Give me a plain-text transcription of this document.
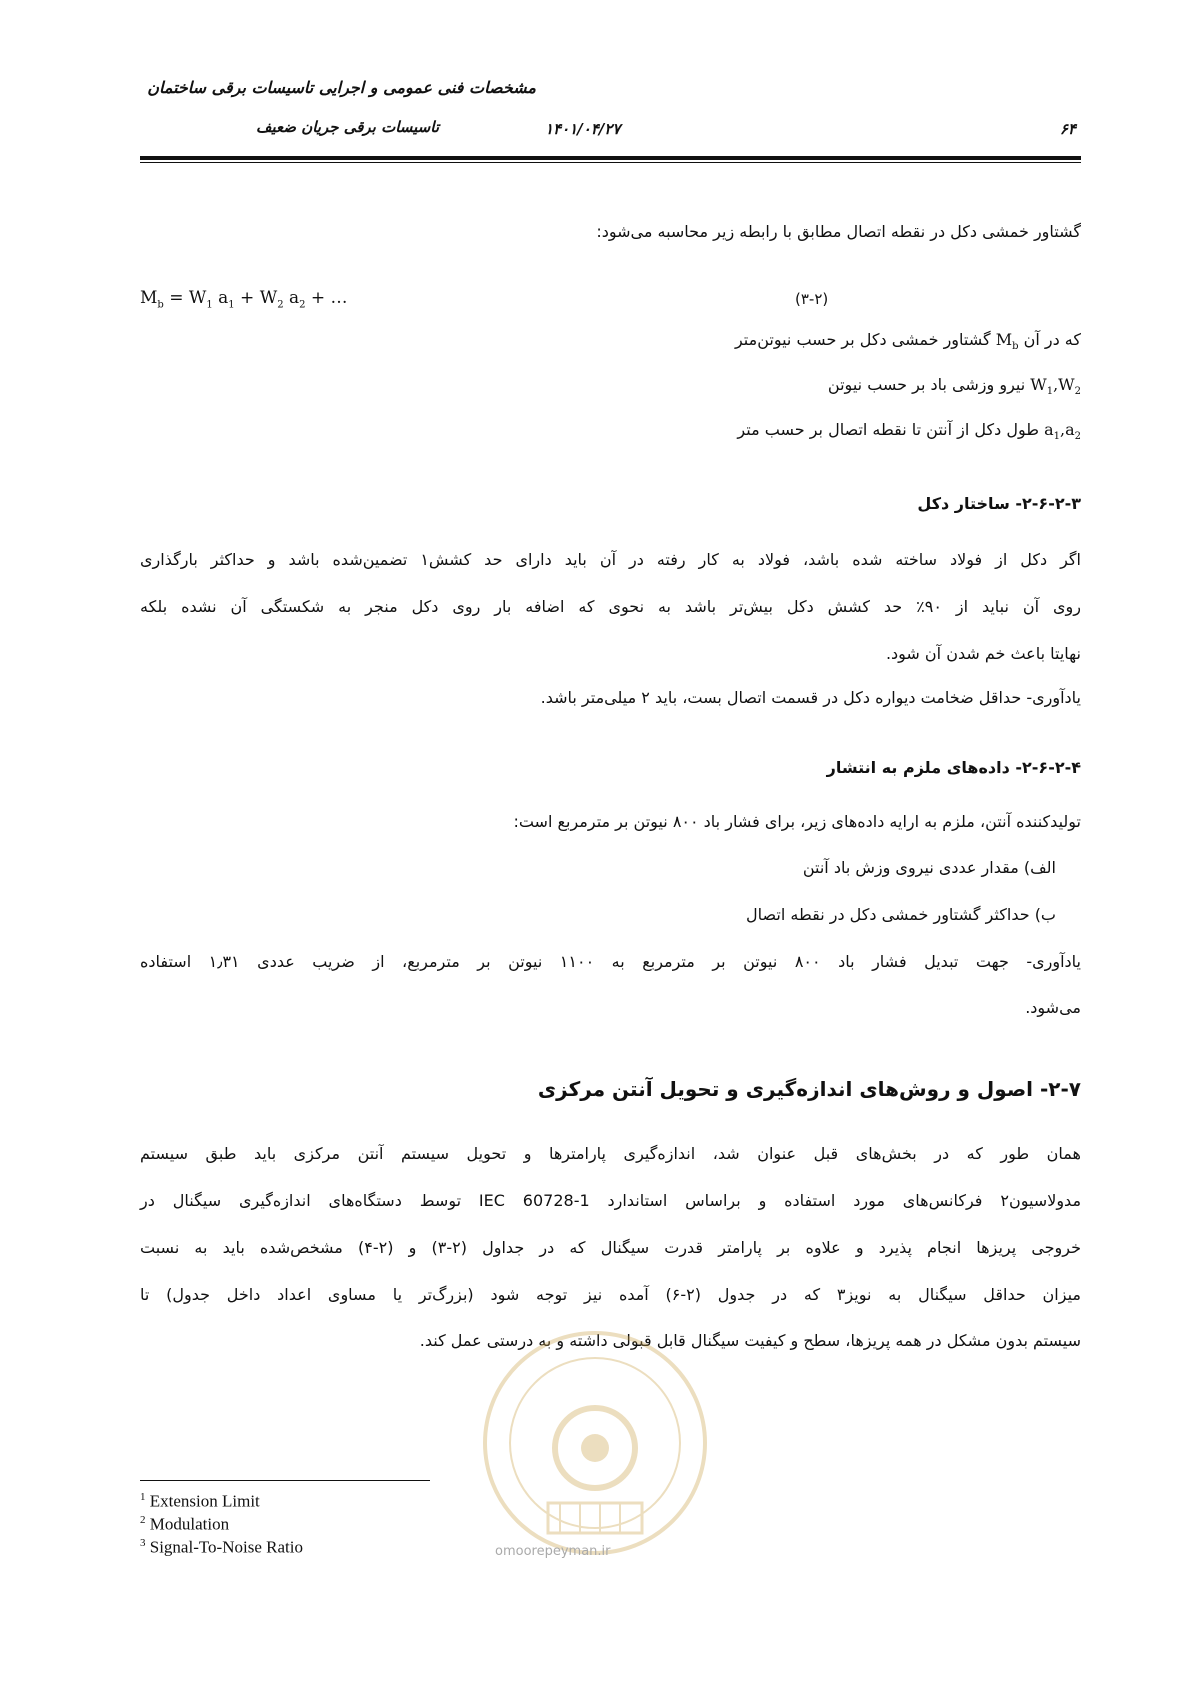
مشخصات فنی عمومی و اجرایی تاسیسات برقی ساختمان
تاسیسات برقی جریان ضعیف	۱۴۰۱/۰۴/۲۷	۶۴
گشتاور خمشی دکل در نقطه اتصال مطابق با رابطه زیر محاسبه می‌شود:
$M_b = W_1$ $a_1 + W_2$ $a_2$ + …	(۳-۲)
که در آن $M_b$ گشتاور خمشی دکل بر حسب نیوتن‌متر
$W_1,W_2$ نیرو وزشی باد بر حسب نیوتن
$a_1,a_2$ طول دکل از آنتن تا نقطه اتصال بر حسب متر
۲-۶-۲-۳- ساختار دکل
اگر دکل از فولاد ساخته شده باشد، فولاد به کار رفته در آن باید دارای حد کشش۱ تضمین‌شده باشد و حداکثر بارگذاری
روی آن نباید از ۹۰٪ حد کشش دکل بیش‌تر باشد به نحوی که اضافه بار روی دکل منجر به شکستگی آن نشده بلکه
نهایتا باعث خم شدن آن شود.
یادآوری- حداقل ضخامت دیواره دکل در قسمت اتصال بست، باید ۲ میلی‌متر باشد.
۲-۶-۲-۴- داده‌های ملزم به انتشار
تولیدکننده آنتن، ملزم به ارایه داده‌های زیر، برای فشار باد ۸۰۰ نیوتن بر مترمربع است:
الف) مقدار عددی نیروی وزش باد آنتن
ب) حداکثر گشتاور خمشی دکل در نقطه اتصال
یادآوری- جهت تبدیل فشار باد ۸۰۰ نیوتن بر مترمربع به ۱۱۰۰ نیوتن بر مترمربع، از ضریب عددی ۱٫۳۱ استفاده
می‌شود.
۲-۷- اصول و روش‌های اندازه‌گیری و تحویل آنتن مرکزی
همان طور که در بخش‌های قبل عنوان شد، اندازه‌گیری پارامترها و تحویل سیستم آنتن مرکزی باید طبق سیستم
مدولاسیون۲ فرکانس‌های مورد استفاده و براساس استاندارد IEC 60728-1 توسط دستگاه‌های اندازه‌گیری سیگنال در
خروجی پریزها انجام پذیرد و علاوه بر پارامتر قدرت سیگنال که در جداول (۲-۳) و (۲-۴) مشخص‌شده باید به نسبت
میزان حداقل سیگنال به نویز۳ که در جدول (۲-۶) آمده نیز توجه شود (بزرگ‌تر یا مساوی اعداد داخل جدول) تا
سیستم بدون مشکل در همه پریزها، سطح و کیفیت سیگنال قابل قبولی داشته و به درستی عمل کند.
omoorepeyman.ir
$^1$ Extension Limit
$^2$ Modulation
$^3$ Signal-To-Noise Ratio
